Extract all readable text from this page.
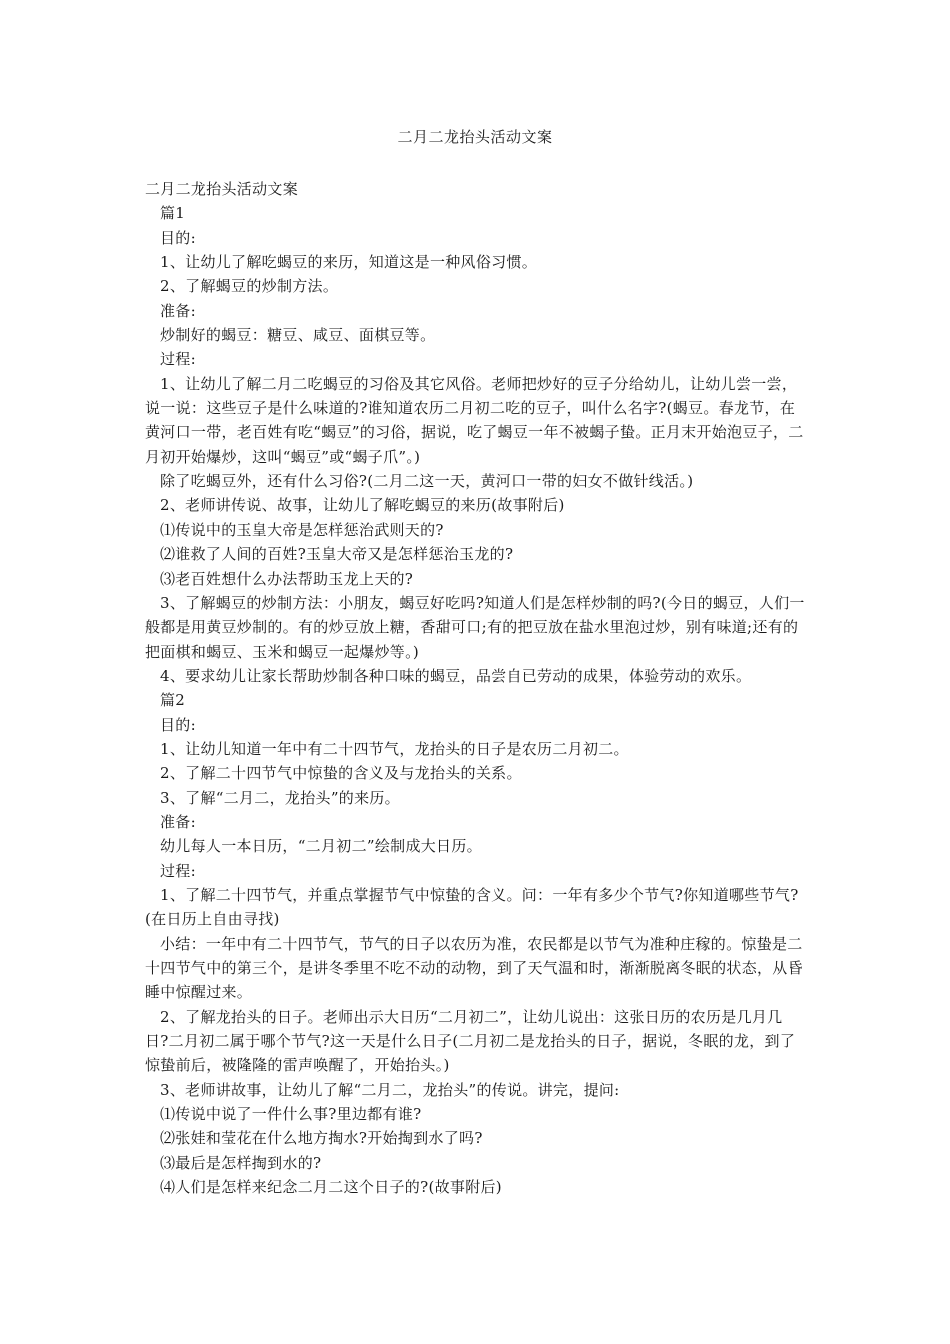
二月二龙抬头活动文案

二月二龙抬头活动文案

篇1

目的:

1、让幼儿了解吃蝎豆的来历，知道这是一种风俗习惯。

2、了解蝎豆的炒制方法。

准备:

炒制好的蝎豆：糖豆、咸豆、面棋豆等。

过程:

1、让幼儿了解二月二吃蝎豆的习俗及其它风俗。老师把炒好的豆子分给幼儿，让幼儿尝一尝，说一说：这些豆子是什么味道的?谁知道农历二月初二吃的豆子，叫什么名字?(蝎豆。春龙节，在黄河口一带，老百姓有吃“蝎豆”的习俗，据说，吃了蝎豆一年不被蝎子蛰。正月末开始泡豆子，二月初开始爆炒，这叫“蝎豆”或“蝎子爪”。)

除了吃蝎豆外，还有什么习俗?(二月二这一天，黄河口一带的妇女不做针线活。)

2、老师讲传说、故事，让幼儿了解吃蝎豆的来历(故事附后)

⑴传说中的玉皇大帝是怎样惩治武则天的?

⑵谁救了人间的百姓?玉皇大帝又是怎样惩治玉龙的?

⑶老百姓想什么办法帮助玉龙上天的?

3、了解蝎豆的炒制方法：小朋友，蝎豆好吃吗?知道人们是怎样炒制的吗?(今日的蝎豆，人们一般都是用黄豆炒制的。有的炒豆放上糖，香甜可口;有的把豆放在盐水里泡过炒，别有味道;还有的把面棋和蝎豆、玉米和蝎豆一起爆炒等。)

4、要求幼儿让家长帮助炒制各种口味的蝎豆，品尝自已劳动的成果，体验劳动的欢乐。

篇2

目的:

1、让幼儿知道一年中有二十四节气，龙抬头的日子是农历二月初二。

2、了解二十四节气中惊蛰的含义及与龙抬头的关系。

3、了解“二月二，龙抬头”的来历。

准备:

幼儿每人一本日历，“二月初二”绘制成大日历。

过程:

1、了解二十四节气，并重点掌握节气中惊蛰的含义。问：一年有多少个节气?你知道哪些节气?(在日历上自由寻找)

小结：一年中有二十四节气，节气的日子以农历为准，农民都是以节气为准种庄稼的。惊蛰是二十四节气中的第三个，是讲冬季里不吃不动的动物，到了天气温和时，渐渐脱离冬眠的状态，从昏睡中惊醒过来。

2、了解龙抬头的日子。老师出示大日历“二月初二”，让幼儿说出：这张日历的农历是几月几日?二月初二属于哪个节气?这一天是什么日子(二月初二是龙抬头的日子，据说，冬眠的龙，到了惊蛰前后，被隆隆的雷声唤醒了，开始抬头。)

3、老师讲故事，让幼儿了解“二月二，龙抬头”的传说。讲完，提问:

⑴传说中说了一件什么事?里边都有谁?

⑵张娃和莹花在什么地方掏水?开始掏到水了吗?

⑶最后是怎样掏到水的?

⑷人们是怎样来纪念二月二这个日子的?(故事附后)
